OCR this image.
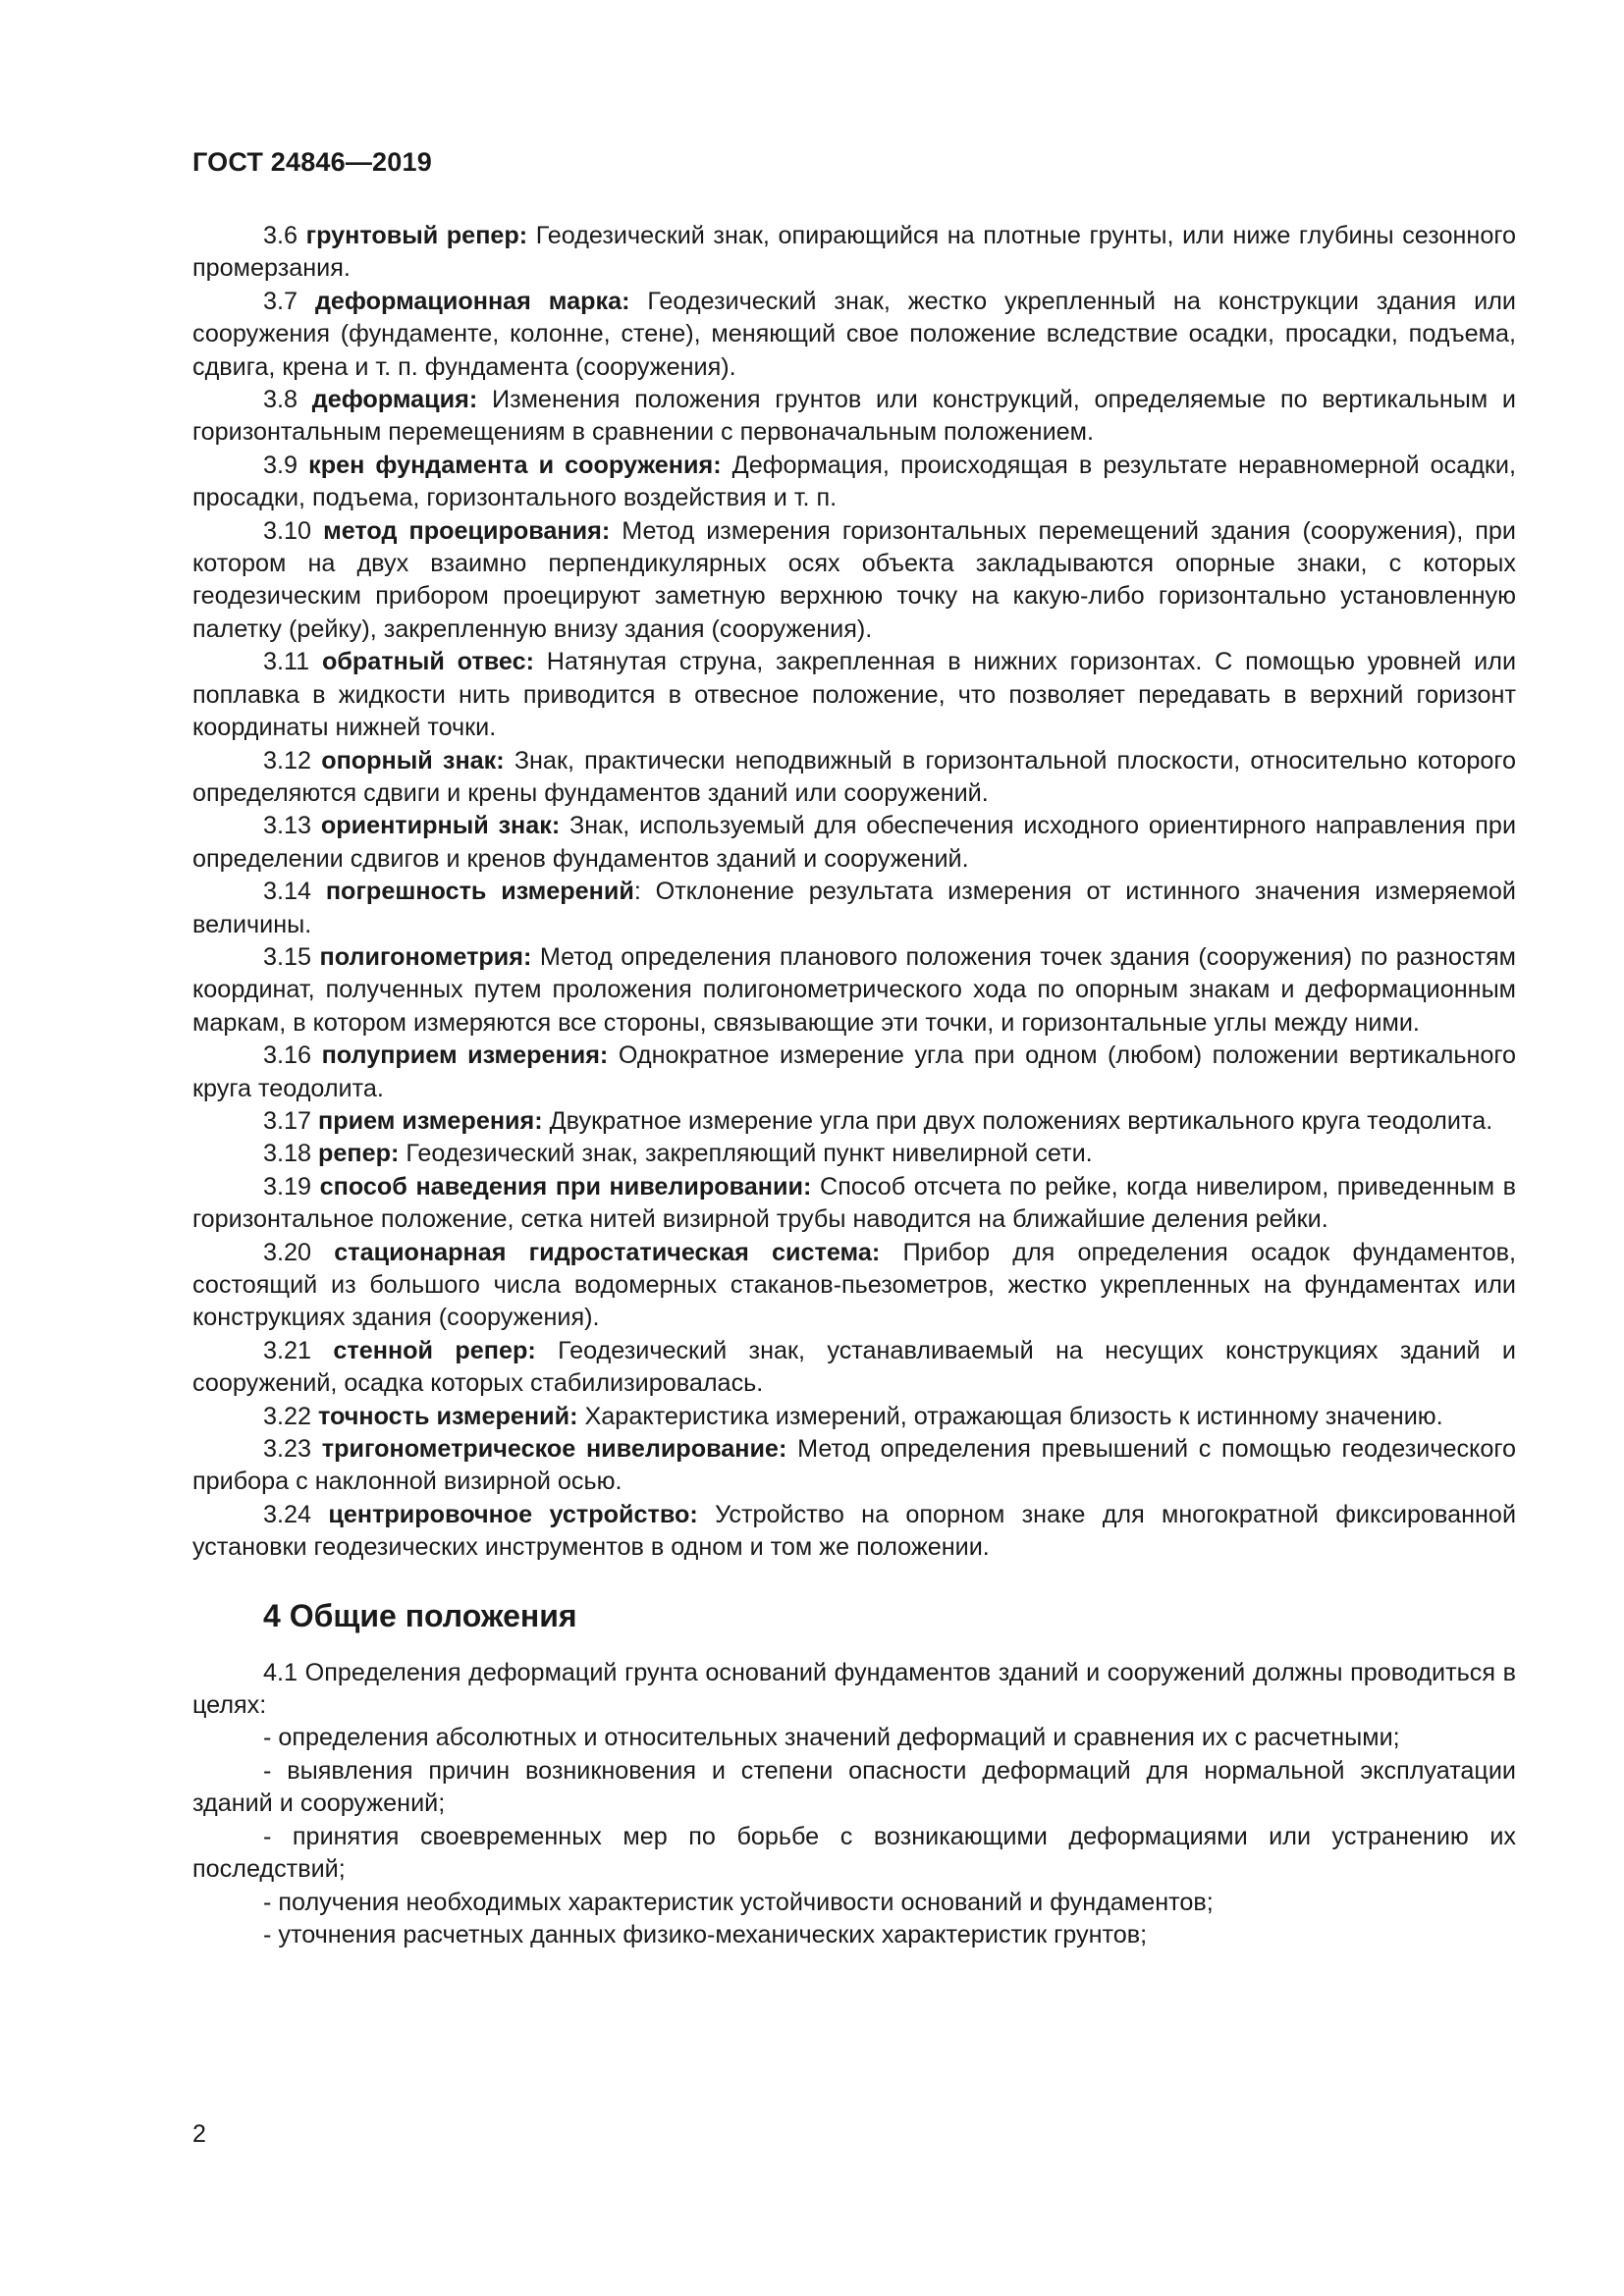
ГОСТ 24846—2019

3.6 грунтовый репер: Геодезический знак, опирающийся на плотные грунты, или ниже глубины сезонного промерзания.

3.7 деформационная марка: Геодезический знак, жестко укрепленный на конструкции здания или сооружения (фундаменте, колонне, стене), меняющий свое положение вследствие осадки, просадки, подъема, сдвига, крена и т. п. фундамента (сооружения).

3.8 деформация: Изменения положения грунтов или конструкций, определяемые по вертикальным и горизонтальным перемещениям в сравнении с первоначальным положением.

3.9 крен фундамента и сооружения: Деформация, происходящая в результате неравномерной осадки, просадки, подъема, горизонтального воздействия и т. п.

3.10 метод проецирования: Метод измерения горизонтальных перемещений здания (сооружения), при котором на двух взаимно перпендикулярных осях объекта закладываются опорные знаки, с которых геодезическим прибором проецируют заметную верхнюю точку на какую-либо горизонтально установленную палетку (рейку), закрепленную внизу здания (сооружения).

3.11 обратный отвес: Натянутая струна, закрепленная в нижних горизонтах. С помощью уровней или поплавка в жидкости нить приводится в отвесное положение, что позволяет передавать в верхний горизонт координаты нижней точки.

3.12 опорный знак: Знак, практически неподвижный в горизонтальной плоскости, относительно которого определяются сдвиги и крены фундаментов зданий или сооружений.

3.13 ориентирный знак: Знак, используемый для обеспечения исходного ориентирного направления при определении сдвигов и кренов фундаментов зданий и сооружений.

3.14 погрешность измерений: Отклонение результата измерения от истинного значения измеряемой величины.

3.15 полигонометрия: Метод определения планового положения точек здания (сооружения) по разностям координат, полученных путем проложения полигонометрического хода по опорным знакам и деформационным маркам, в котором измеряются все стороны, связывающие эти точки, и горизонтальные углы между ними.

3.16 полуприем измерения: Однократное измерение угла при одном (любом) положении вертикального круга теодолита.

3.17 прием измерения: Двукратное измерение угла при двух положениях вертикального круга теодолита.

3.18 репер: Геодезический знак, закрепляющий пункт нивелирной сети.

3.19 способ наведения при нивелировании: Способ отсчета по рейке, когда нивелиром, приведенным в горизонтальное положение, сетка нитей визирной трубы наводится на ближайшие деления рейки.

3.20 стационарная гидростатическая система: Прибор для определения осадок фундаментов, состоящий из большого числа водомерных стаканов-пьезометров, жестко укрепленных на фундаментах или конструкциях здания (сооружения).

3.21 стенной репер: Геодезический знак, устанавливаемый на несущих конструкциях зданий и сооружений, осадка которых стабилизировалась.

3.22 точность измерений: Характеристика измерений, отражающая близость к истинному значению.

3.23 тригонометрическое нивелирование: Метод определения превышений с помощью геодезического прибора с наклонной визирной осью.

3.24 центрировочное устройство: Устройство на опорном знаке для многократной фиксированной установки геодезических инструментов в одном и том же положении.

4 Общие положения

4.1 Определения деформаций грунта оснований фундаментов зданий и сооружений должны проводиться в целях:

- определения абсолютных и относительных значений деформаций и сравнения их с расчетными;

- выявления причин возникновения и степени опасности деформаций для нормальной эксплуатации зданий и сооружений;

- принятия своевременных мер по борьбе с возникающими деформациями или устранению их последствий;

- получения необходимых характеристик устойчивости оснований и фундаментов;

- уточнения расчетных данных физико-механических характеристик грунтов;

2
